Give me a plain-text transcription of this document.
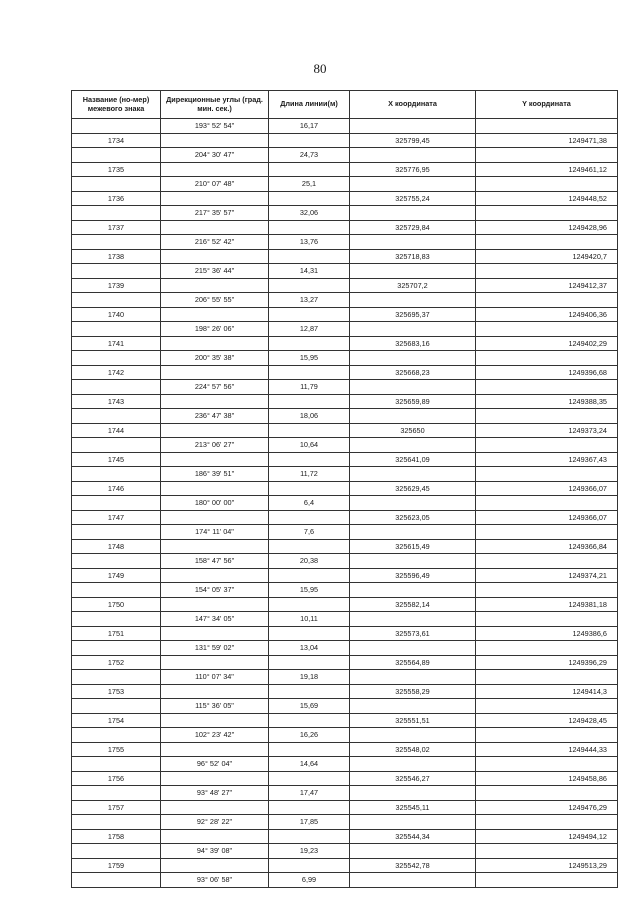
80
Название (но-мер) межевого знака	Дирекционные углы (град. мин. сек.)	Длина линии(м)	X координата	Y координата
	193° 52' 54"	16,17		
1734			325799,45	1249471,38
	204° 30' 47"	24,73		
1735			325776,95	1249461,12
	210° 07' 48"	25,1		
1736			325755,24	1249448,52
	217° 35' 57"	32,06		
1737			325729,84	1249428,96
	216° 52' 42"	13,76		
1738			325718,83	1249420,7
	215° 36' 44"	14,31		
1739			325707,2	1249412,37
	206° 55' 55"	13,27		
1740			325695,37	1249406,36
	198° 26' 06"	12,87		
1741			325683,16	1249402,29
	200° 35' 38"	15,95		
1742			325668,23	1249396,68
	224° 57' 56"	11,79		
1743			325659,89	1249388,35
	236° 47' 38"	18,06		
1744			325650	1249373,24
	213° 06' 27"	10,64		
1745			325641,09	1249367,43
	186° 39' 51"	11,72		
1746			325629,45	1249366,07
	180° 00' 00"	6,4		
1747			325623,05	1249366,07
	174° 11' 04"	7,6		
1748			325615,49	1249366,84
	158° 47' 56"	20,38		
1749			325596,49	1249374,21
	154° 05' 37"	15,95		
1750			325582,14	1249381,18
	147° 34' 05"	10,11		
1751			325573,61	1249386,6
	131° 59' 02"	13,04		
1752			325564,89	1249396,29
	110° 07' 34"	19,18		
1753			325558,29	1249414,3
	115° 36' 05"	15,69		
1754			325551,51	1249428,45
	102° 23' 42"	16,26		
1755			325548,02	1249444,33
	96° 52' 04"	14,64		
1756			325546,27	1249458,86
	93° 48' 27"	17,47		
1757			325545,11	1249476,29
	92° 28' 22"	17,85		
1758			325544,34	1249494,12
	94° 39' 08"	19,23		
1759			325542,78	1249513,29
	93° 06' 58"	6,99		
